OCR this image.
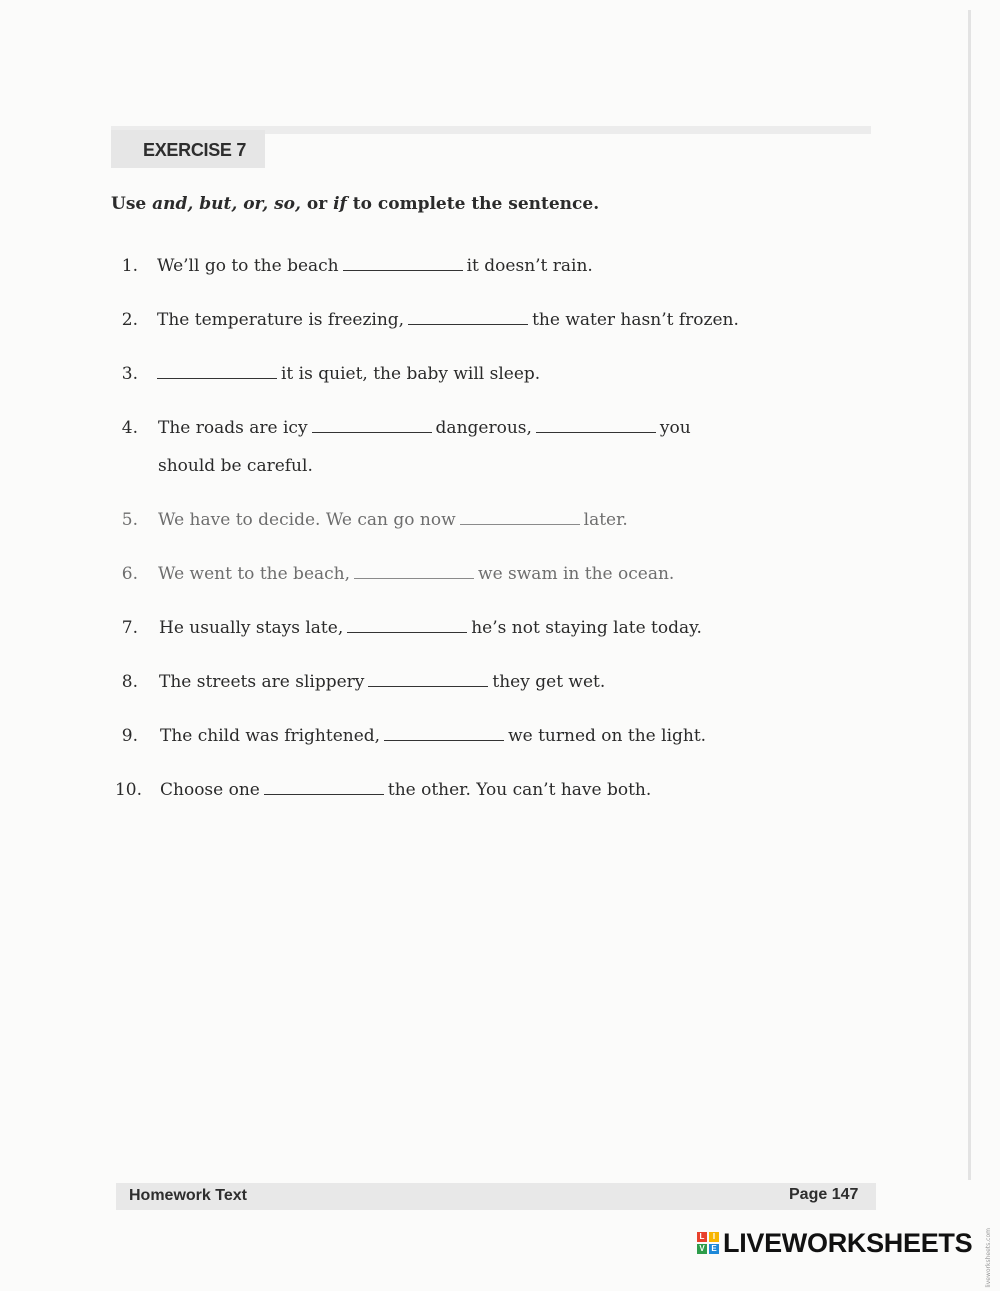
EXERCISE 7
Use and, but, or, so, or if to complete the sentence.
1. We’ll go to the beach	it doesn’t rain.
2. The temperature is freezing,	the water hasn’t frozen.
3.	it is quiet, the baby will sleep.
4. The roads are icy	dangerous,	you
should be careful.
5. We have to decide. We can go now	later.
6. We went to the beach,	we swam in the ocean.
7. He usually stays late,	he’s not staying late today.
8. The streets are slippery	they get wet.
9. The child was frightened,	we turned on the light.
10. Choose one	the other. You can’t have both.
Homework Text	Page 147
L	I
V E LIVEWORKSHEETS liveworksheets.com
